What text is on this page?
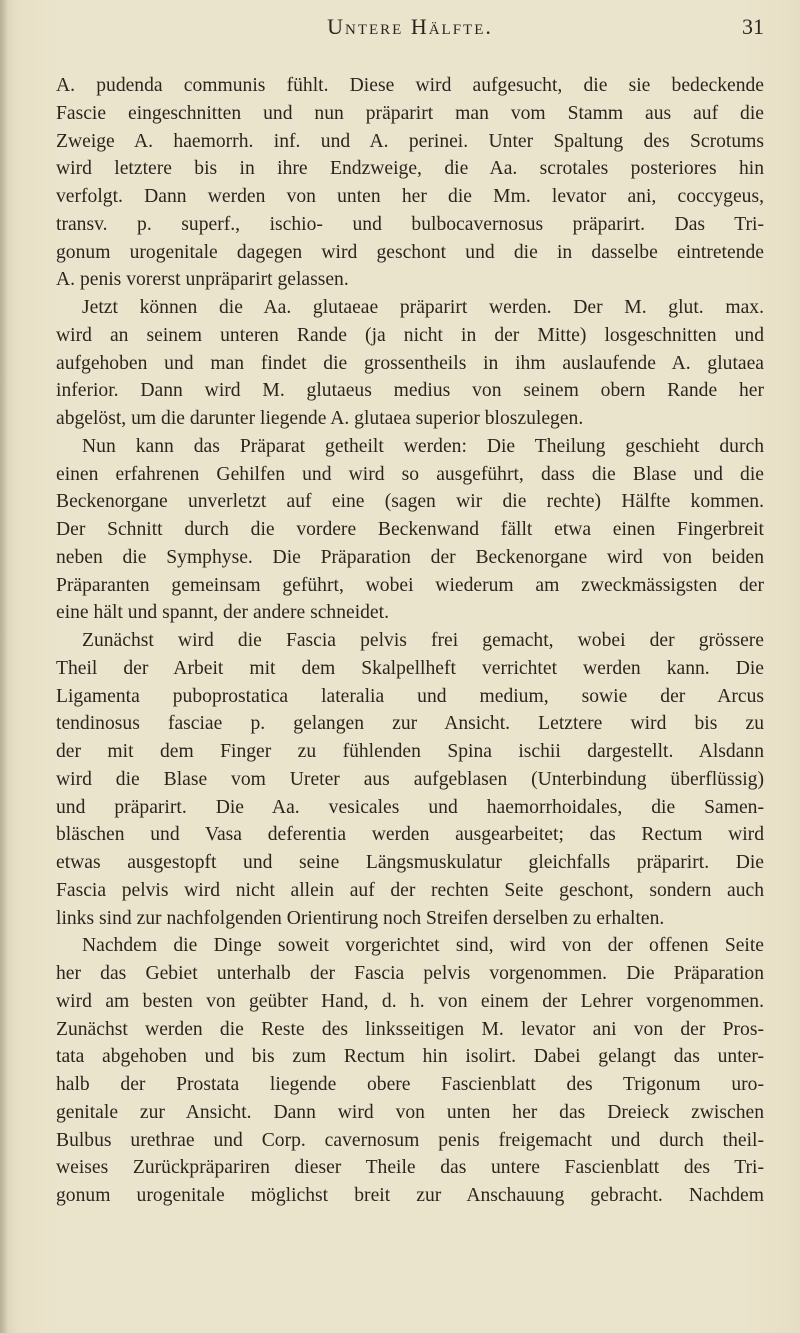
Untere Hälfte.	31
A. pudenda communis fühlt. Diese wird aufgesucht, die sie bedeckende
Fascie eingeschnitten und nun präparirt man vom Stamm aus auf die
Zweige A. haemorrh. inf. und A. perinei. Unter Spaltung des Scrotums
wird letztere bis in ihre Endzweige, die Aa. scrotales posteriores hin
verfolgt. Dann werden von unten her die Mm. levator ani, coccygeus,
transv. p. superf., ischio- und bulbocavernosus präparirt. Das Tri-
gonum urogenitale dagegen wird geschont und die in dasselbe eintretende
A. penis vorerst unpräparirt gelassen.
Jetzt können die Aa. glutaeae präparirt werden. Der M. glut. max.
wird an seinem unteren Rande (ja nicht in der Mitte) losgeschnitten und
aufgehoben und man findet die grossentheils in ihm auslaufende A. glutaea
inferior. Dann wird M. glutaeus medius von seinem obern Rande her
abgelöst, um die darunter liegende A. glutaea superior bloszulegen.
Nun kann das Präparat getheilt werden: Die Theilung geschieht durch
einen erfahrenen Gehilfen und wird so ausgeführt, dass die Blase und die
Beckenorgane unverletzt auf eine (sagen wir die rechte) Hälfte kommen.
Der Schnitt durch die vordere Beckenwand fällt etwa einen Fingerbreit
neben die Symphyse. Die Präparation der Beckenorgane wird von beiden
Präparanten gemeinsam geführt, wobei wiederum am zweckmässigsten der
eine hält und spannt, der andere schneidet.
Zunächst wird die Fascia pelvis frei gemacht, wobei der grössere
Theil der Arbeit mit dem Skalpellheft verrichtet werden kann. Die
Ligamenta puboprostatica lateralia und medium, sowie der Arcus
tendinosus fasciae p. gelangen zur Ansicht. Letztere wird bis zu
der mit dem Finger zu fühlenden Spina ischii dargestellt. Alsdann
wird die Blase vom Ureter aus aufgeblasen (Unterbindung überflüssig)
und präparirt. Die Aa. vesicales und haemorrhoidales, die Samen-
bläschen und Vasa deferentia werden ausgearbeitet; das Rectum wird
etwas ausgestopft und seine Längsmuskulatur gleichfalls präparirt. Die
Fascia pelvis wird nicht allein auf der rechten Seite geschont, sondern auch
links sind zur nachfolgenden Orientirung noch Streifen derselben zu erhalten.
Nachdem die Dinge soweit vorgerichtet sind, wird von der offenen Seite
her das Gebiet unterhalb der Fascia pelvis vorgenommen. Die Präparation
wird am besten von geübter Hand, d. h. von einem der Lehrer vorgenommen.
Zunächst werden die Reste des linksseitigen M. levator ani von der Pros-
tata abgehoben und bis zum Rectum hin isolirt. Dabei gelangt das unter-
halb der Prostata liegende obere Fascienblatt des Trigonum uro-
genitale zur Ansicht. Dann wird von unten her das Dreieck zwischen
Bulbus urethrae und Corp. cavernosum penis freigemacht und durch theil-
weises Zurückpräpariren dieser Theile das untere Fascienblatt des Tri-
gonum urogenitale möglichst breit zur Anschauung gebracht. Nachdem
